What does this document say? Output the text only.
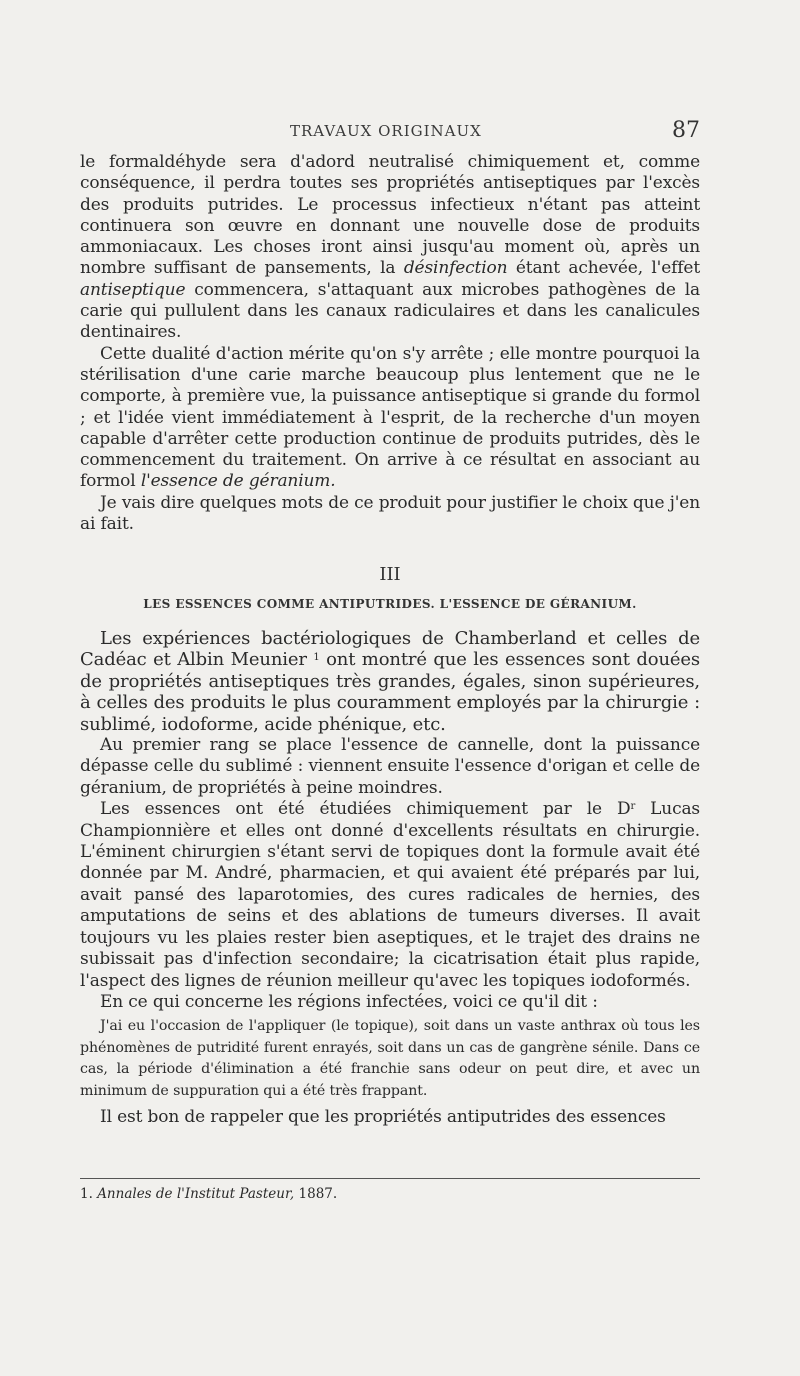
TRAVAUX ORIGINAUX	87

le formaldéhyde sera d'adord neutralisé chimiquement et, comme conséquence, il perdra toutes ses propriétés antiseptiques par l'excès des produits putrides. Le processus infectieux n'étant pas atteint continuera son œuvre en donnant une nouvelle dose de produits ammoniacaux. Les choses iront ainsi jusqu'au moment où, après un nombre suffisant de pansements, la désinfection étant achevée, l'effet antiseptique commencera, s'attaquant aux microbes pathogènes de la carie qui pullulent dans les canaux radiculaires et dans les canalicules dentinaires.

Cette dualité d'action mérite qu'on s'y arrête ; elle montre pourquoi la stérilisation d'une carie marche beaucoup plus lentement que ne le comporte, à première vue, la puissance antiseptique si grande du formol ; et l'idée vient immédiatement à l'esprit, de la recherche d'un moyen capable d'arrêter cette production continue de produits putrides, dès le commencement du traitement. On arrive à ce résultat en associant au formol l'essence de géranium.

Je vais dire quelques mots de ce produit pour justifier le choix que j'en ai fait.

III
LES ESSENCES COMME ANTIPUTRIDES. L'ESSENCE DE GÉRANIUM.

Les expériences bactériologiques de Chamberland et celles de Cadéac et Albin Meunier $^1$ ont montré que les essences sont douées de propriétés antiseptiques très grandes, égales, sinon supérieures, à celles des produits le plus couramment employés par la chirurgie : sublimé, iodoforme, acide phénique, etc.

Au premier rang se place l'essence de cannelle, dont la puissance dépasse celle du sublimé : viennent ensuite l'essence d'origan et celle de géranium, de propriétés à peine moindres.

Les essences ont été étudiées chimiquement par le $D^r$ Lucas Championnière et elles ont donné d'excellents résultats en chirurgie. L'éminent chirurgien s'étant servi de topiques dont la formule avait été donnée par M. André, pharmacien, et qui avaient été préparés par lui, avait pansé des laparotomies, des cures radicales de hernies, des amputations de seins et des ablations de tumeurs diverses. Il avait toujours vu les plaies rester bien aseptiques, et le trajet des drains ne subissait pas d'infection secondaire; la cicatrisation était plus rapide, l'aspect des lignes de réunion meilleur qu'avec les topiques iodoformés.

En ce qui concerne les régions infectées, voici ce qu'il dit :

J'ai eu l'occasion de l'appliquer (le topique), soit dans un vaste anthrax où tous les phénomènes de putridité furent enrayés, soit dans un cas de gangrène sénile. Dans ce cas, la période d'élimination a été franchie sans odeur on peut dire, et avec un minimum de suppuration qui a été très frappant.

Il est bon de rappeler que les propriétés antiputrides des essences

1. Annales de l'Institut Pasteur, 1887.
